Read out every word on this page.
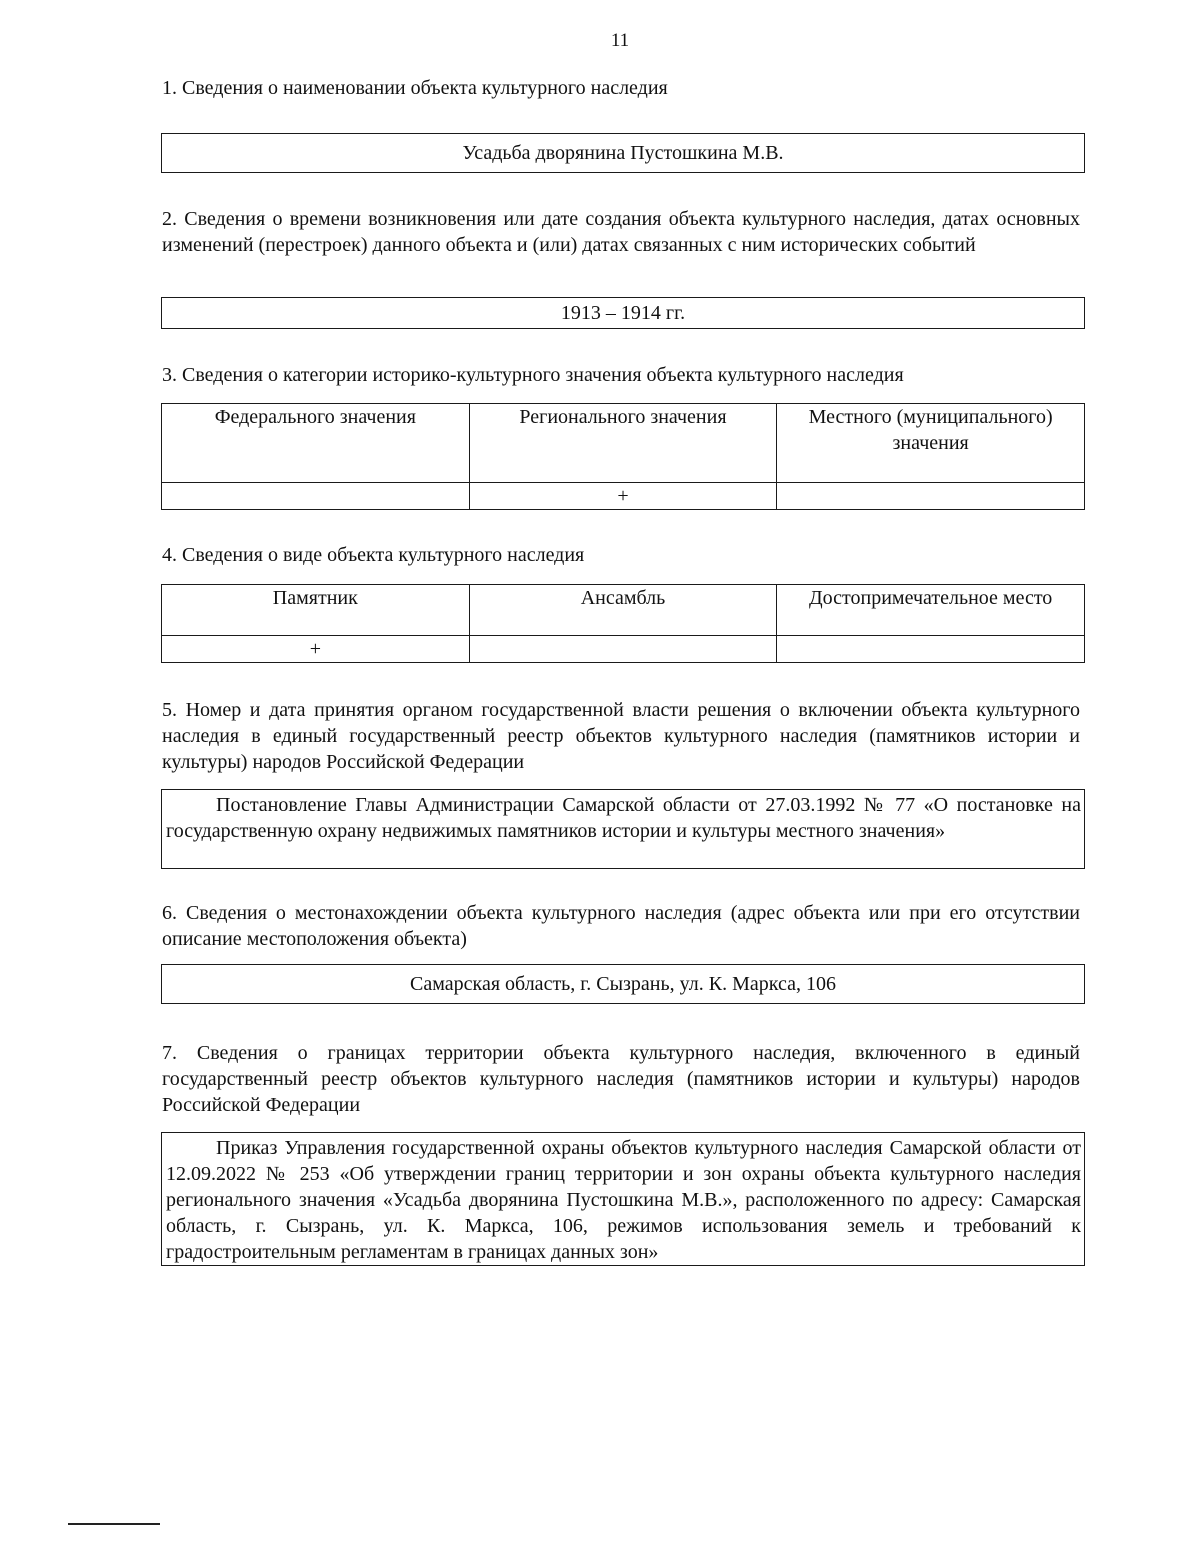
11
1. Сведения о наименовании объекта культурного наследия
Усадьба дворянина Пустошкина М.В.
2. Сведения о времени возникновения или дате создания объекта культурного наследия, датах основных изменений (перестроек) данного объекта и (или) датах связанных с ним исторических событий
1913 – 1914 гг.
3. Сведения о категории историко-культурного значения объекта культурного наследия
Федерального значения	Регионального значения	Местного (муниципального) значения
	+	
4. Сведения о виде объекта культурного наследия
Памятник	Ансамбль	Достопримечательное место
+		
5. Номер и дата принятия органом государственной власти решения о включении объекта культурного наследия в единый государственный реестр объектов культурного наследия (памятников истории и культуры) народов Российской Федерации
Постановление Главы Администрации Самарской области от 27.03.1992 № 77 «О постановке на государственную охрану недвижимых памятников истории и культуры местного значения»
6. Сведения о местонахождении объекта культурного наследия (адрес объекта или при его отсутствии описание местоположения объекта)
Самарская область, г. Сызрань, ул. К. Маркса, 106
7. Сведения о границах территории объекта культурного наследия, включенного в единый государственный реестр объектов культурного наследия (памятников истории и культуры) народов Российской Федерации
Приказ Управления государственной охраны объектов культурного наследия Самарской области от 12.09.2022 № 253 «Об утверждении границ территории и зон охраны объекта культурного наследия регионального значения «Усадьба дворянина Пустошкина М.В.», расположенного по адресу: Самарская область, г. Сызрань, ул. К. Маркса, 106, режимов использования земель и требований к градостроительным регламентам в границах данных зон»
